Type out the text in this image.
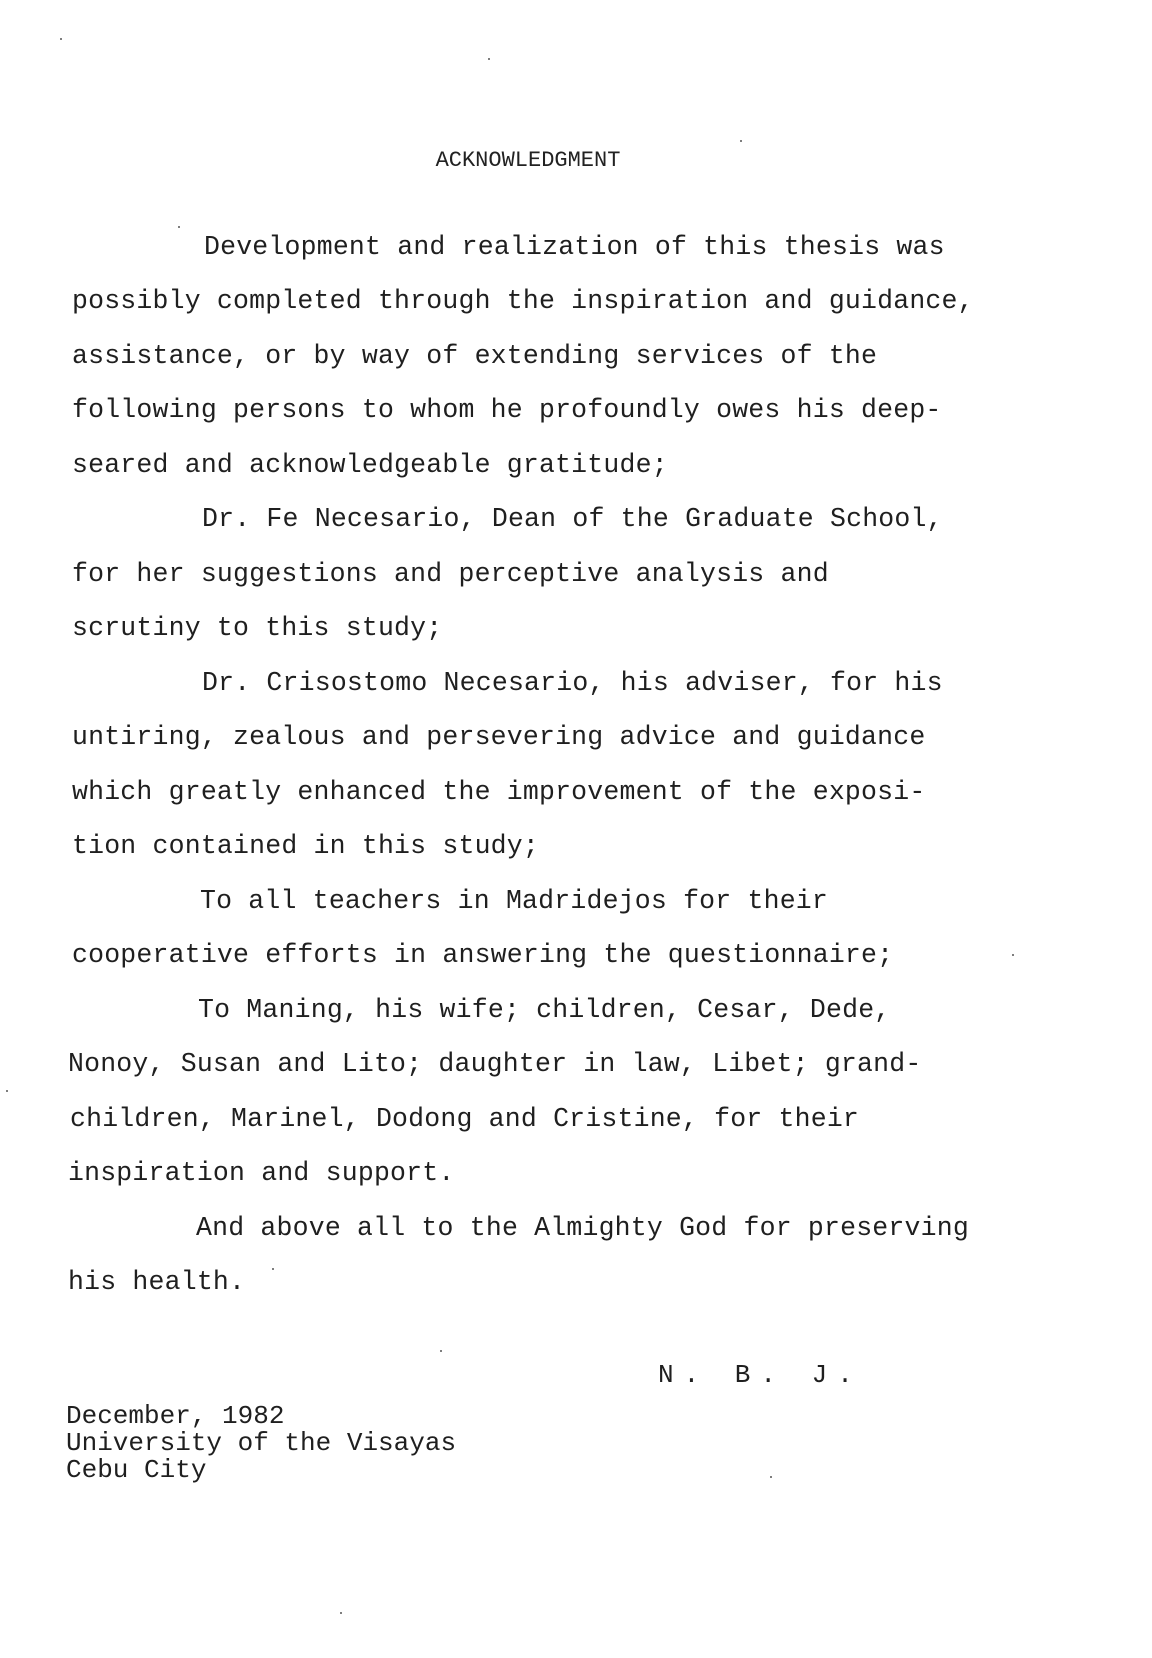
ACKNOWLEDGMENT
Development and realization of this thesis was
possibly completed through the inspiration and guidance,
assistance, or by way of extending services of the
following persons to whom he profoundly owes his deep-
seared and acknowledgeable gratitude;
Dr. Fe Necesario, Dean of the Graduate School,
for her suggestions and perceptive analysis and
scrutiny to this study;
Dr. Crisostomo Necesario, his adviser, for his
untiring, zealous and persevering advice and guidance
which greatly enhanced the improvement of the exposi-
tion contained in this study;
To all teachers in Madridejos for their
cooperative efforts in answering the questionnaire;
To Maning, his wife; children, Cesar, Dede,
Nonoy, Susan and Lito; daughter in law, Libet; grand-
children, Marinel, Dodong and Cristine, for their
inspiration and support.
And above all to the Almighty God for preserving
his health.
N. B. J.
December, 1982
University of the Visayas
Cebu City
